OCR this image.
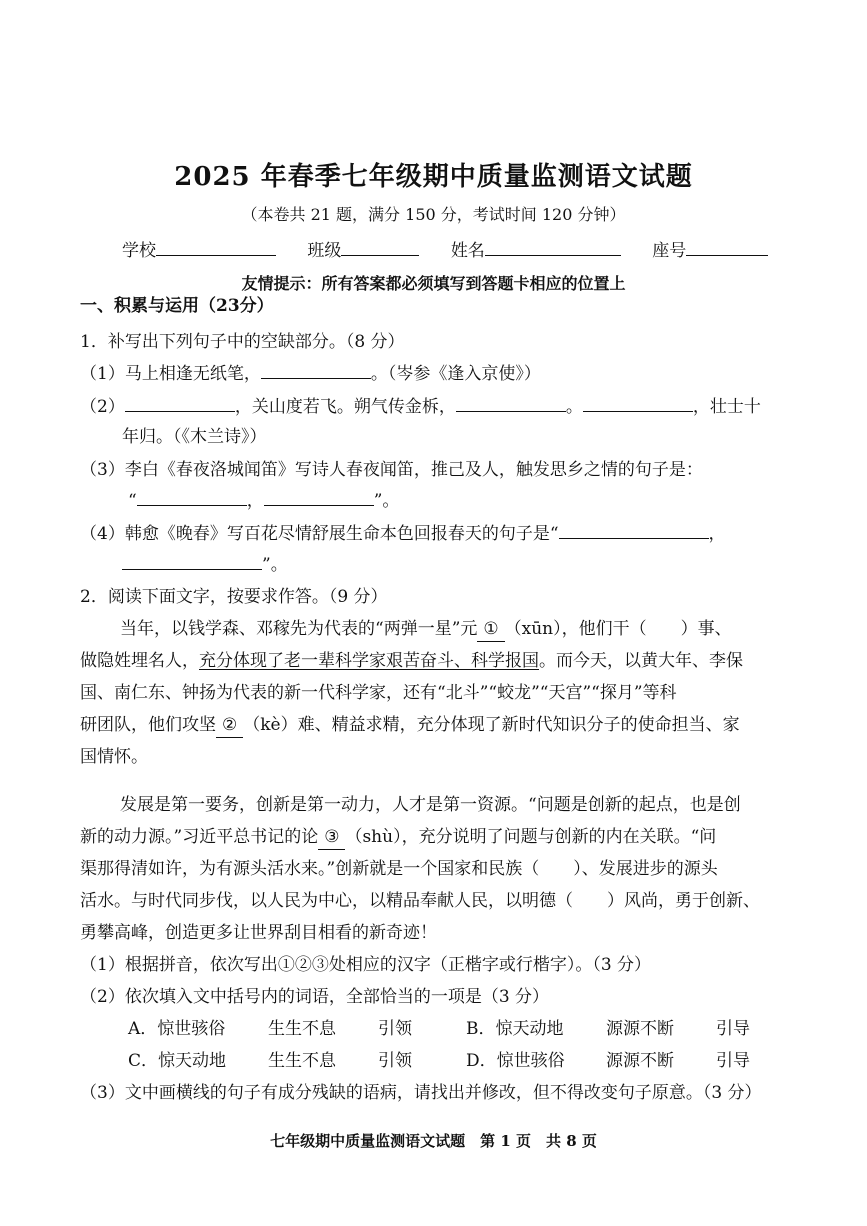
2025 年春季七年级期中质量监测语文试题
（本卷共 21 题，满分 150 分，考试时间 120 分钟）
学校	班级	姓名	座号
友情提示：所有答案都必须填写到答题卡相应的位置上
一、积累与运用（23分）
1．补写出下列句子中的空缺部分。（8 分）
（1）马上相逢无纸笔，	。（岑参《逢入京使》）
（2）	，关山度若飞。朔气传金柝，	。	，壮士十
年归。（《木兰诗》）
（3）李白《春夜洛城闻笛》写诗人春夜闻笛，推己及人，触发思乡之情的句子是：
“	，	”。
（4）韩愈《晚春》写百花尽情舒展生命本色回报春天的句子是“	，
”。
2．阅读下面文字，按要求作答。（9 分）
当年，以钱学森、邓稼先为代表的“两弹一星”元 ① （xūn），他们干（　　）事、
做隐姓埋名人，充分体现了老一辈科学家艰苦奋斗、科学报国。而今天，以黄大年、李保
国、南仁东、钟扬为代表的新一代科学家，还有“北斗”“蛟龙”“天宫”“探月”等科
研团队，他们攻坚 ② （kè）难、精益求精，充分体现了新时代知识分子的使命担当、家
国情怀。
发展是第一要务，创新是第一动力，人才是第一资源。“问题是创新的起点，也是创
新的动力源。”习近平总书记的论 ③ （shù），充分说明了问题与创新的内在关联。“问
渠那得清如许，为有源头活水来。”创新就是一个国家和民族（　　）、发展进步的源头
活水。与时代同步伐，以人民为中心，以精品奉献人民，以明德（　　）风尚，勇于创新、
勇攀高峰，创造更多让世界刮目相看的新奇迹！
（1）根据拼音，依次写出①②③处相应的汉字（正楷字或行楷字）。（3 分）
（2）依次填入文中括号内的词语，全部恰当的一项是（3 分）
A．惊世骇俗	生生不息 引领	B．惊天动地	源源不断 引导
C．惊天动地 生生不息 引领	D．惊世骇俗 源源不断 引导
（3）文中画横线的句子有成分残缺的语病，请找出并修改，但不得改变句子原意。（3 分）
七年级期中质量监测语文试题　第 1 页　共 8 页
